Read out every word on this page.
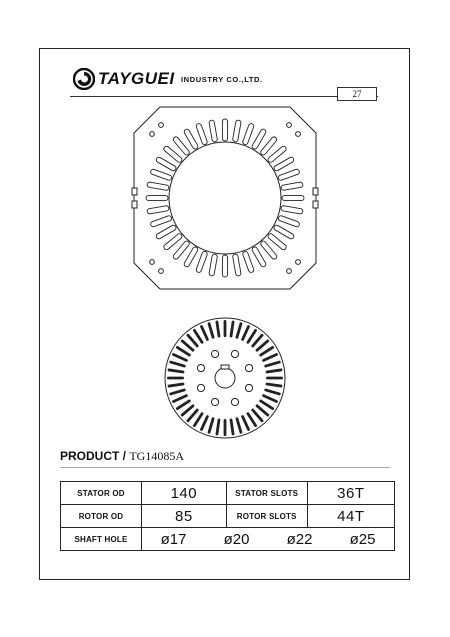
TAYGUEI INDUSTRY CO.,LTD.
27
PRODUCT / TG14085A
STATOR OD	140	STATOR SLOTS	36T
ROTOR OD	85	ROTOR SLOTS	44T
SHAFT HOLE	ø17 ø20 ø22 ø25		
